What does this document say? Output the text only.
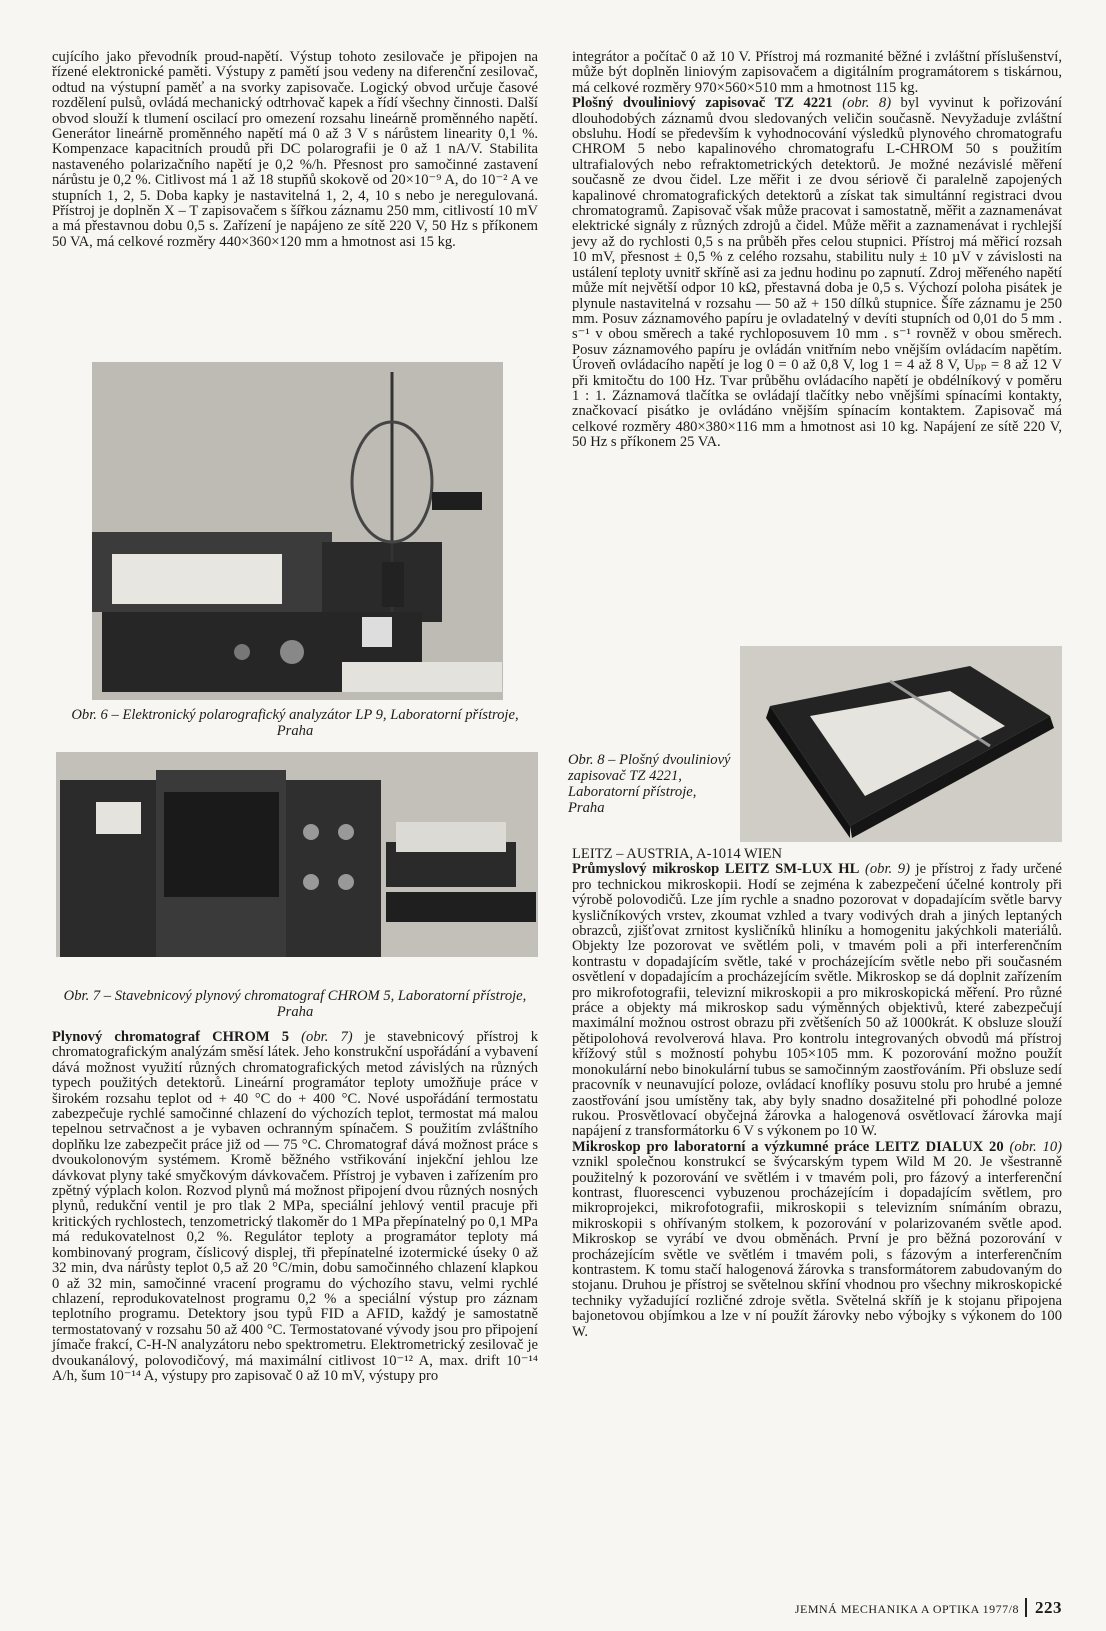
cujícího jako převodník proud-napětí. Výstup tohoto zesilovače je připojen na řízené elektronické paměti. Výstupy z pamětí jsou vedeny na diferenční zesilovač, odtud na výstupní paměť a na svorky zapisovače. Logický obvod určuje časové rozdělení pulsů, ovládá mechanický odtrhovač kapek a řídí všechny činnosti. Další obvod slouží k tlumení oscilací pro omezení rozsahu lineárně proměnného napětí. Generátor lineárně proměnného napětí má 0 až 3 V s nárůstem linearity 0,1 %. Kompenzace kapacitních proudů při DC polarografii je 0 až 1 nA/V. Stabilita nastaveného polarizačního napětí je 0,2 %/h. Přesnost pro samočinné zastavení nárůstu je 0,2 %. Citlivost má 1 až 18 stupňů skokově od 20×10⁻⁹ A, do 10⁻² A ve stupních 1, 2, 5. Doba kapky je nastavitelná 1, 2, 4, 10 s nebo je neregulovaná. Přístroj je doplněn X – T zapisovačem s šířkou záznamu 250 mm, citlivostí 10 mV a má přestavnou dobu 0,5 s. Zařízení je napájeno ze sítě 220 V, 50 Hz s příkonem 50 VA, má celkové rozměry 440×360×120 mm a hmotnost asi 15 kg.

Obr. 6 – Elektronický polarografický analyzátor LP 9, Laboratorní přístroje, Praha
Obr. 7 – Stavebnicový plynový chromatograf CHROM 5, Laboratorní přístroje, Praha

Plynový chromatograf CHROM 5 (obr. 7) je stavebnicový přístroj k chromatografickým analýzám směsí látek. Jeho konstrukční uspořádání a vybavení dává možnost využití různých chromatografických metod závislých na různých typech použitých detektorů. Lineární programátor teploty umožňuje práce v širokém rozsahu teplot od + 40 °C do + 400 °C. Nové uspořádání termostatu zabezpečuje rychlé samočinné chlazení do výchozích teplot, termostat má malou tepelnou setrvačnost a je vybaven ochranným spínačem. S použitím zvláštního doplňku lze zabezpečit práce již od — 75 °C. Chromatograf dává možnost práce s dvoukolonovým systémem. Kromě běžného vstřikování injekční jehlou lze dávkovat plyny také smyčkovým dávkovačem. Přístroj je vybaven i zařízením pro zpětný výplach kolon. Rozvod plynů má možnost připojení dvou různých nosných plynů, redukční ventil je pro tlak 2 MPa, speciální jehlový ventil pracuje při kritických rychlostech, tenzometrický tlakoměr do 1 MPa přepínatelný po 0,1 MPa má redukovatelnost 0,2 %. Regulátor teploty a programátor teploty má kombinovaný program, číslicový displej, tři přepínatelné izotermické úseky 0 až 32 min, dva nárůsty teplot 0,5 až 20 °C/min, dobu samočinného chlazení klapkou 0 až 32 min, samočinné vracení programu do výchozího stavu, velmi rychlé chlazení, reprodukovatelnost programu 0,2 % a speciální výstup pro záznam teplotního programu. Detektory jsou typů FID a AFID, každý je samostatně termostatovaný v rozsahu 50 až 400 °C. Termostatované vývody jsou pro připojení jímače frakcí, C-H-N analyzátoru nebo spektrometru. Elektrometrický zesilovač je dvoukanálový, polovodičový, má maximální citlivost 10⁻¹² A, max. drift 10⁻¹⁴ A/h, šum 10⁻¹⁴ A, výstupy pro zapisovač 0 až 10 mV, výstupy pro

integrátor a počítač 0 až 10 V. Přístroj má rozmanité běžné i zvláštní příslušenství, může být doplněn liniovým zapisovačem a digitálním programátorem s tiskárnou, má celkové rozměry 970×560×510 mm a hmotnost 115 kg.

Plošný dvouliniový zapisovač TZ 4221 (obr. 8) byl vyvinut k pořizování dlouhodobých záznamů dvou sledovaných veličin současně. Nevyžaduje zvláštní obsluhu. Hodí se především k vyhodnocování výsledků plynového chromatografu CHROM 5 nebo kapalinového chromatografu L-CHROM 50 s použitím ultrafialových nebo refraktometrických detektorů. Je možné nezávislé měření současně ze dvou čidel. Lze měřit i ze dvou sériově či paralelně zapojených kapalinové chromatografických detektorů a získat tak simultánní registraci dvou chromatogramů. Zapisovač však může pracovat i samostatně, měřit a zaznamenávat elektrické signály z různých zdrojů a čidel. Může měřit a zaznamenávat i rychlejší jevy až do rychlosti 0,5 s na průběh přes celou stupnici. Přístroj má měřicí rozsah 10 mV, přesnost ± 0,5 % z celého rozsahu, stabilitu nuly ± 10 µV v závislosti na ustálení teploty uvnitř skříně asi za jednu hodinu po zapnutí. Zdroj měřeného napětí může mít největší odpor 10 kΩ, přestavná doba je 0,5 s. Výchozí poloha pisátek je plynule nastavitelná v rozsahu — 50 až + 150 dílků stupnice. Šíře záznamu je 250 mm. Posuv záznamového papíru je ovladatelný v devíti stupních od 0,01 do 5 mm . s⁻¹ v obou směrech a také rychloposuvem 10 mm . s⁻¹ rovněž v obou směrech. Posuv záznamového papíru je ovládán vnitřním nebo vnějším ovládacím napětím. Úroveň ovládacího napětí je log 0 = 0 až 0,8 V, log 1 = 4 až 8 V, Uₚₚ = 8 až 12 V při kmitočtu do 100 Hz. Tvar průběhu ovládacího napětí je obdélníkový v poměru 1 : 1. Záznamová tlačítka se ovládají tlačítky nebo vnějšími spínacími kontakty, značkovací pisátko je ovládáno vnějším spínacím kontaktem. Zapisovač má celkové rozměry 480×380×116 mm a hmotnost asi 10 kg. Napájení ze sítě 220 V, 50 Hz s příkonem 25 VA.

Obr. 8 – Plošný dvouliniový zapisovač TZ 4221, Laboratorní přístroje, Praha

LEITZ – AUSTRIA, A-1014 WIEN

Průmyslový mikroskop LEITZ SM-LUX HL (obr. 9) je přístroj z řady určené pro technickou mikroskopii. Hodí se zejména k zabezpečení účelné kontroly při výrobě polovodičů. Lze jím rychle a snadno pozorovat v dopadajícím světle barvy kysličníkových vrstev, zkoumat vzhled a tvary vodivých drah a jiných leptaných obrazců, zjišťovat zrnitost kysličníků hliníku a homogenitu jakýchkoli materiálů. Objekty lze pozorovat ve světlém poli, v tmavém poli a při interferenčním kontrastu v dopadajícím světle, také v procházejícím světle nebo při současném osvětlení v dopadajícím a procházejícím světle. Mikroskop se dá doplnit zařízením pro mikrofotografii, televizní mikroskopii a pro mikroskopická měření. Pro různé práce a objekty má mikroskop sadu výměnných objektivů, které zabezpečují maximální možnou ostrost obrazu při zvětšeních 50 až 1000krát. K obsluze slouží pětipolohová revolverová hlava. Pro kontrolu integrovaných obvodů má přístroj křížový stůl s možností pohybu 105×105 mm. K pozorování možno použít monokulární nebo binokulární tubus se samočinným zaostřováním. Při obsluze sedí pracovník v neunavující poloze, ovládací knoflíky posuvu stolu pro hrubé a jemné zaostřování jsou umístěny tak, aby byly snadno dosažitelné při pohodlné poloze rukou. Prosvětlovací obyčejná žárovka a halogenová osvětlovací žárovka mají napájení z transformátorku 6 V s výkonem po 10 W.

Mikroskop pro laboratorní a výzkumné práce LEITZ DIALUX 20 (obr. 10) vznikl společnou konstrukcí se švýcarským typem Wild M 20. Je všestranně použitelný k pozorování ve světlém i v tmavém poli, pro fázový a interferenční kontrast, fluorescenci vybuzenou procházejícím i dopadajícím světlem, pro mikroprojekci, mikrofotografii, mikroskopii s televizním snímáním obrazu, mikroskopii s ohřívaným stolkem, k pozorování v polarizovaném světle apod. Mikroskop se vyrábí ve dvou obměnách. První je pro běžná pozorování v procházejícím světle ve světlém i tmavém poli, s fázovým a interferenčním kontrastem. K tomu stačí halogenová žárovka s transformátorem zabudovaným do stojanu. Druhou je přístroj se světelnou skříní vhodnou pro všechny mikroskopické techniky vyžadující rozličné zdroje světla. Světelná skříň je k stojanu připojena bajonetovou objímkou a lze v ní použít žárovky nebo výbojky s výkonem do 100 W.

JEMNÁ MECHANIKA A OPTIKA 1977/8 223
